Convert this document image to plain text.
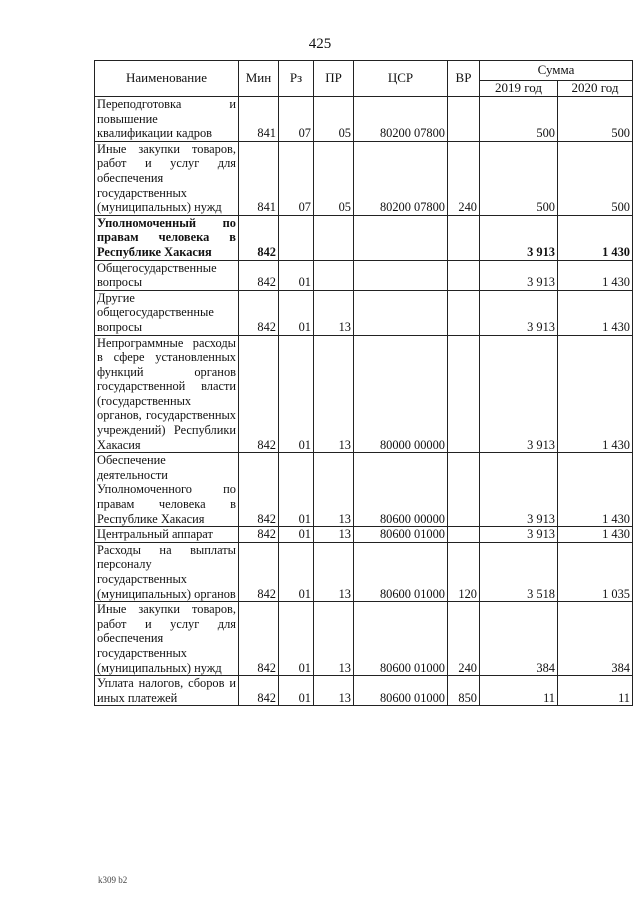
425
Наименование	Мин	Рз	ПР	ЦСР	ВР	Сумма	
						2019 год	2020 год
Переподготовка и повышение квалификации кадров	841	07	05	80200 07800		500	500
Иные закупки товаров, работ и услуг для обеспечения государственных (муниципальных) нужд	841	07	05	80200 07800	240	500	500
Уполномоченный по правам человека в Республике Хакасия	842					3 913	1 430
Общегосударственные вопросы	842	01				3 913	1 430
Другие общегосударственные вопросы	842	01	13			3 913	1 430
Непрограммные расходы в сфере установленных функций органов государственной власти (государственных органов, государственных учреждений) Республики Хакасия	842	01	13	80000 00000		3 913	1 430
Обеспечение деятельности Уполномоченного по правам человека в Республике Хакасия	842	01	13	80600 00000		3 913	1 430
Центральный аппарат	842	01	13	80600 01000		3 913	1 430
Расходы на выплаты персоналу государственных (муниципальных) органов	842	01	13	80600 01000	120	3 518	1 035
Иные закупки товаров, работ и услуг для обеспечения государственных (муниципальных) нужд	842	01	13	80600 01000	240	384	384
Уплата налогов, сборов и иных платежей	842	01	13	80600 01000	850	11	11
k309 b2
